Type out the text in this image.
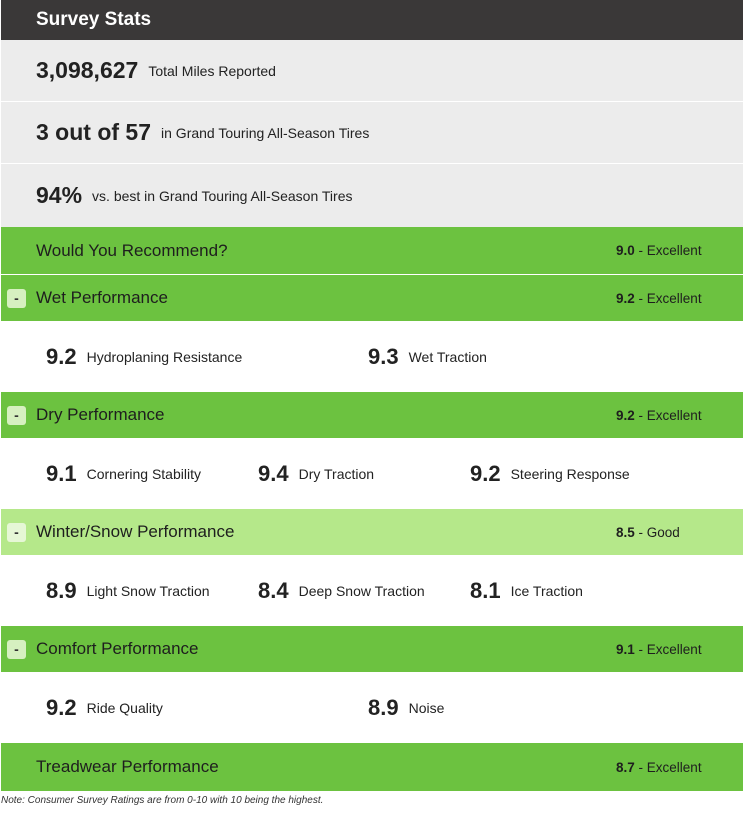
Survey Stats
3,098,627 Total Miles Reported
3 out of 57 in Grand Touring All-Season Tires
94% vs. best in Grand Touring All-Season Tires
Would You Recommend?	9.0 - Excellent
-	Wet Performance	9.2 - Excellent
9.2 Hydroplaning Resistance	9.3 Wet Traction
-	Dry Performance	9.2 - Excellent
9.1 Cornering Stability	9.4 Dry Traction	9.2 Steering Response
-	Winter/Snow Performance	8.5 - Good
8.9 Light Snow Traction 8.4 Deep Snow Traction 8.1 Ice Traction
-	Comfort Performance	9.1 - Excellent
9.2 Ride Quality	8.9 Noise
Treadwear Performance	8.7 - Excellent
Note: Consumer Survey Ratings are from 0-10 with 10 being the highest.
